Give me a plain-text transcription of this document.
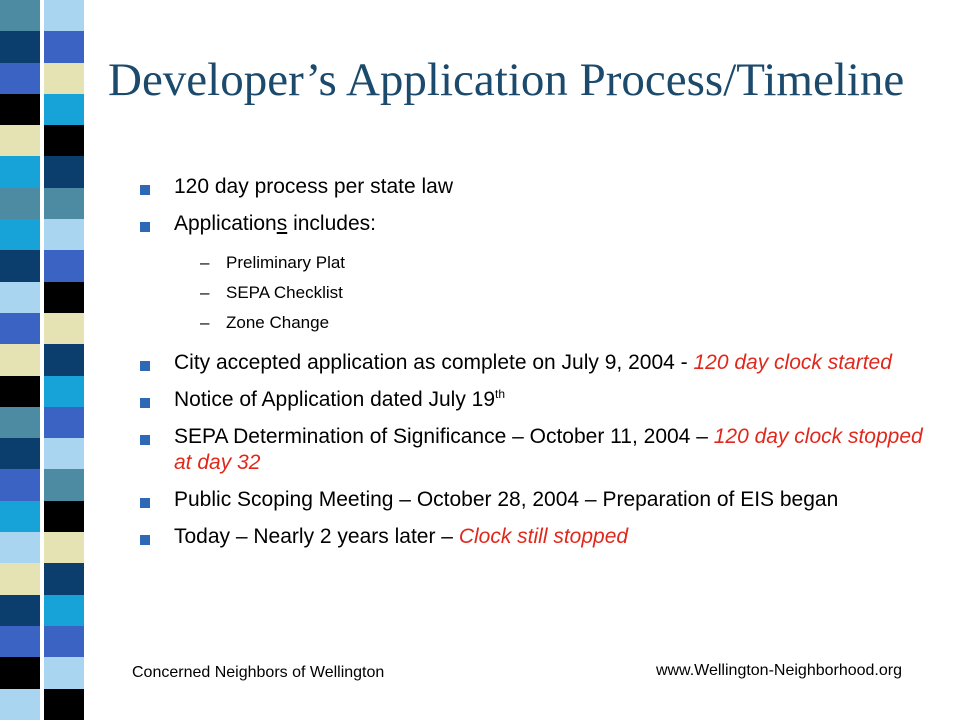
Developer’s Application Process/Timeline
120 day process per state law
Applications includes:
– Preliminary Plat
– SEPA Checklist
– Zone Change
City accepted application as complete on July 9, 2004 - 120 day clock started
Notice of Application dated July 19th
SEPA Determination of Significance – October 11, 2004 – 120 day clock stopped at day 32
Public Scoping Meeting – October 28, 2004 – Preparation of EIS began
Today – Nearly 2 years later – Clock still stopped
Concerned Neighbors of Wellington	www.Wellington-Neighborhood.org
